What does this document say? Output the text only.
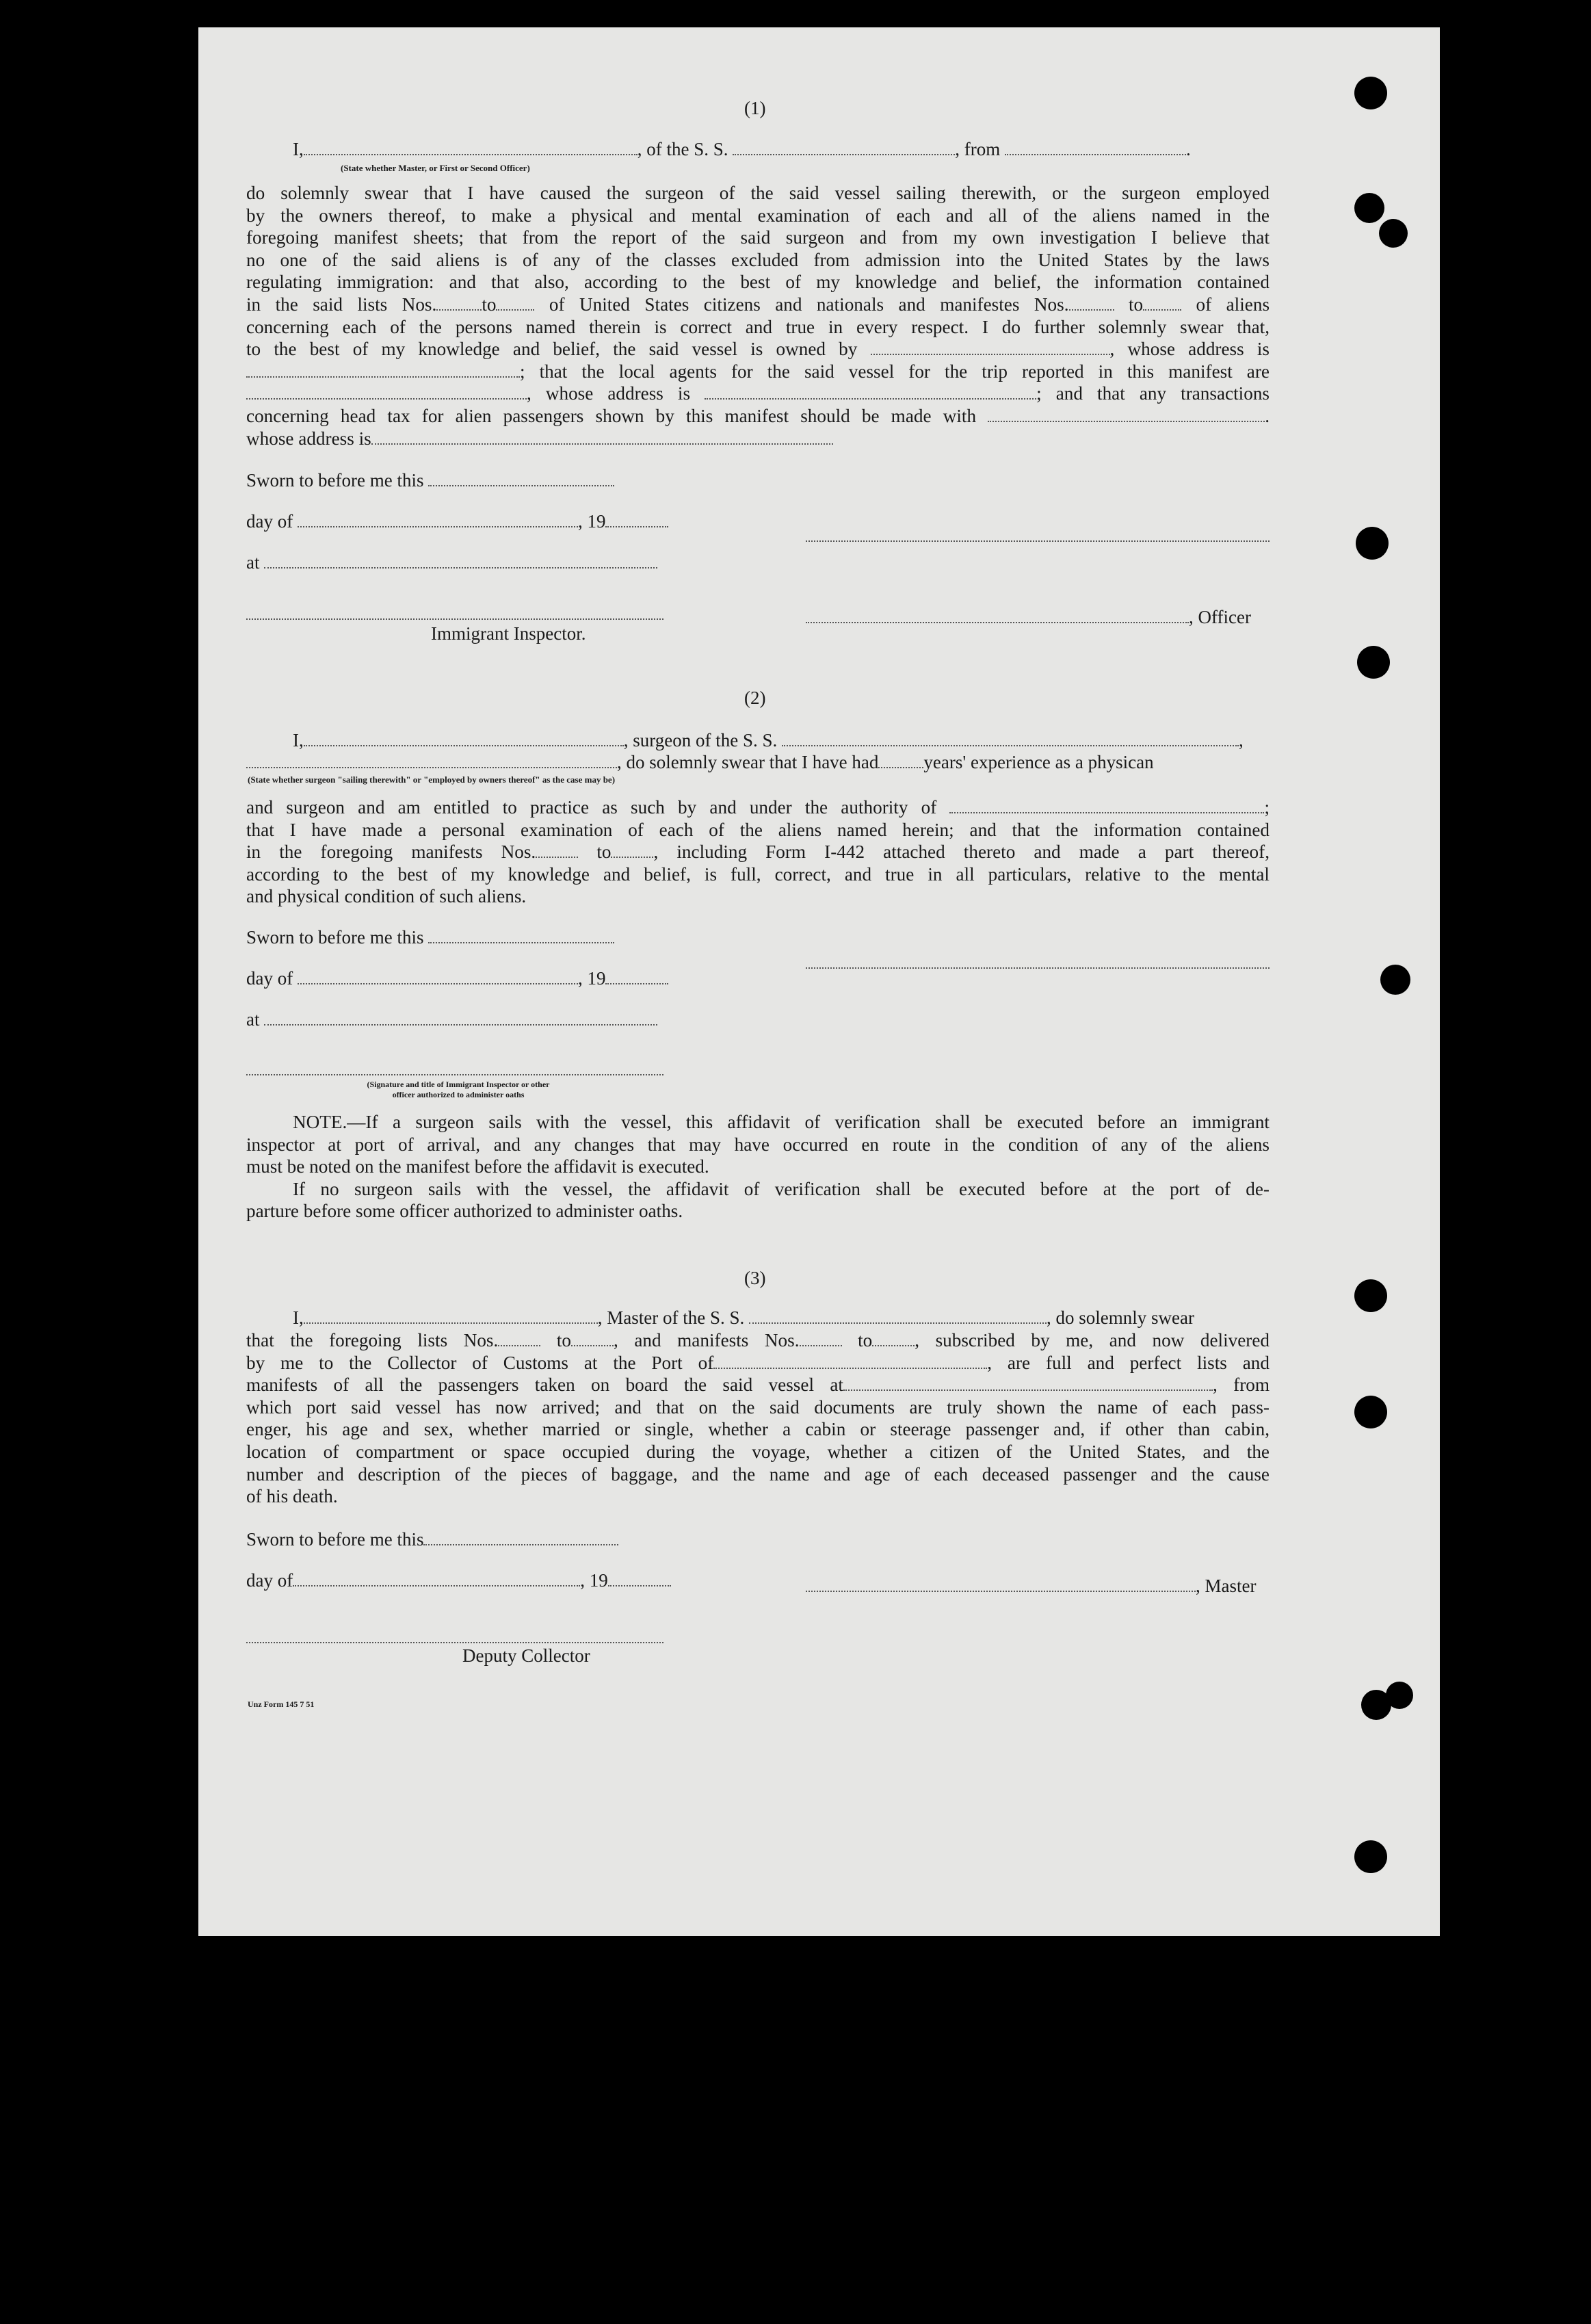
(1)
I,	, of the S. S.	, from	.
(State whether Master, or First or Second Officer)
do solemnly swear that I have caused the surgeon of the said vessel sailing therewith, or the surgeon employed
by the owners thereof, to make a physical and mental examination of each and all of the aliens named in the
foregoing manifest sheets; that from the report of the said surgeon and from my own investigation I believe that
no one of the said aliens is of any of the classes excluded from admission into the United States by the laws
regulating immigration: and that also, according to the best of my knowledge and belief, the information contained
in the said lists Nos. to	of United States citizens and nationals and manifestes Nos.	to	of aliens
concerning each of the persons named therein is correct and true in every respect. I do further solemnly swear that,
to the best of my knowledge and belief, the said vessel is owned by	, whose address is
; that the local agents for the said vessel for the trip reported in this manifest are
, whose address is	; and that any transactions
concerning head tax for alien passengers shown by this manifest should be made with	.
whose address is
Sworn to before me this
day of	, 19
at
, Officer
Immigrant Inspector.
(2)
I,	, surgeon of the S. S.	,
, do solemnly swear that I have had years' experience as a physican
(State whether surgeon "sailing therewith" or "employed by owners thereof" as the case may be)
and surgeon and am entitled to practice as such by and under the authority of	;
that I have made a personal examination of each of the aliens named herein; and that the information contained
in the foregoing manifests Nos.	to , including Form I-442 attached thereto and made a part thereof,
according to the best of my knowledge and belief, is full, correct, and true in all particulars, relative to the mental
and physical condition of such aliens.
Sworn to before me this
day of	, 19
at
(Signature and title of Immigrant Inspector or other
officer authorized to administer oaths
NOTE.—If a surgeon sails with the vessel, this affidavit of verification shall be executed before an immigrant
inspector at port of arrival, and any changes that may have occurred en route in the condition of any of the aliens
must be noted on the manifest before the affidavit is executed.
If no surgeon sails with the vessel, the affidavit of verification shall be executed before at the port of de-
parture before some officer authorized to administer oaths.
(3)
I,	, Master of the S. S.	, do solemnly swear
that the foregoing lists Nos.	to , and manifests Nos.	to , subscribed by me, and now delivered
by me to the Collector of Customs at the Port of	, are full and perfect lists and
manifests of all the passengers taken on board the said vessel at	, from
which port said vessel has now arrived; and that on the said documents are truly shown the name of each pass-
enger, his age and sex, whether married or single, whether a cabin or steerage passenger and, if other than cabin,
location of compartment or space occupied during the voyage, whether a citizen of the United States, and the
number and description of the pieces of baggage, and the name and age of each deceased passenger and the cause
of his death.
Sworn to before me this
day of	, 19	, Master
Deputy Collector
Unz Form 145 7 51
